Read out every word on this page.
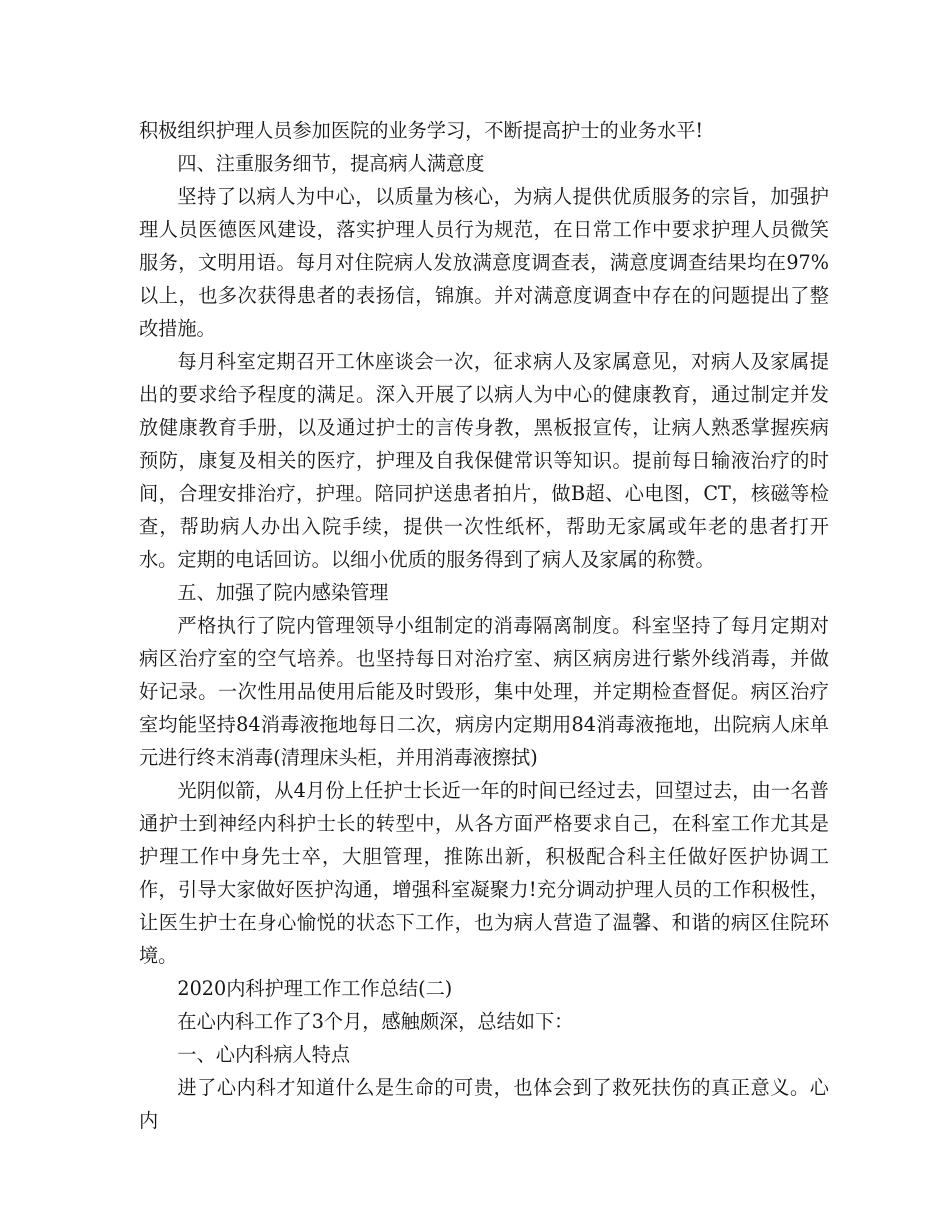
积极组织护理人员参加医院的业务学习，不断提高护士的业务水平!

四、注重服务细节，提高病人满意度

坚持了以病人为中心，以质量为核心，为病人提供优质服务的宗旨，加强护理人员医德医风建设，落实护理人员行为规范，在日常工作中要求护理人员微笑服务，文明用语。每月对住院病人发放满意度调查表，满意度调查结果均在97%以上，也多次获得患者的表扬信，锦旗。并对满意度调查中存在的问题提出了整改措施。

每月科室定期召开工休座谈会一次，征求病人及家属意见，对病人及家属提出的要求给予程度的满足。深入开展了以病人为中心的健康教育，通过制定并发放健康教育手册，以及通过护士的言传身教，黑板报宣传，让病人熟悉掌握疾病预防，康复及相关的医疗，护理及自我保健常识等知识。提前每日输液治疗的时间，合理安排治疗，护理。陪同护送患者拍片，做B超、心电图，CT，核磁等检查，帮助病人办出入院手续，提供一次性纸杯，帮助无家属或年老的患者打开水。定期的电话回访。以细小优质的服务得到了病人及家属的称赞。

五、加强了院内感染管理

严格执行了院内管理领导小组制定的消毒隔离制度。科室坚持了每月定期对病区治疗室的空气培养。也坚持每日对治疗室、病区病房进行紫外线消毒，并做好记录。一次性用品使用后能及时毁形，集中处理，并定期检查督促。病区治疗室均能坚持84消毒液拖地每日二次，病房内定期用84消毒液拖地，出院病人床单元进行终末消毒(清理床头柜，并用消毒液擦拭)

光阴似箭，从4月份上任护士长近一年的时间已经过去，回望过去，由一名普通护士到神经内科护士长的转型中，从各方面严格要求自己，在科室工作尤其是护理工作中身先士卒，大胆管理，推陈出新，积极配合科主任做好医护协调工作，引导大家做好医护沟通，增强科室凝聚力!充分调动护理人员的工作积极性，让医生护士在身心愉悦的状态下工作，也为病人营造了温馨、和谐的病区住院环境。

2020内科护理工作工作总结(二)

在心内科工作了3个月，感触颇深，总结如下：

一、心内科病人特点

进了心内科才知道什么是生命的可贵，也体会到了救死扶伤的真正意义。心内
